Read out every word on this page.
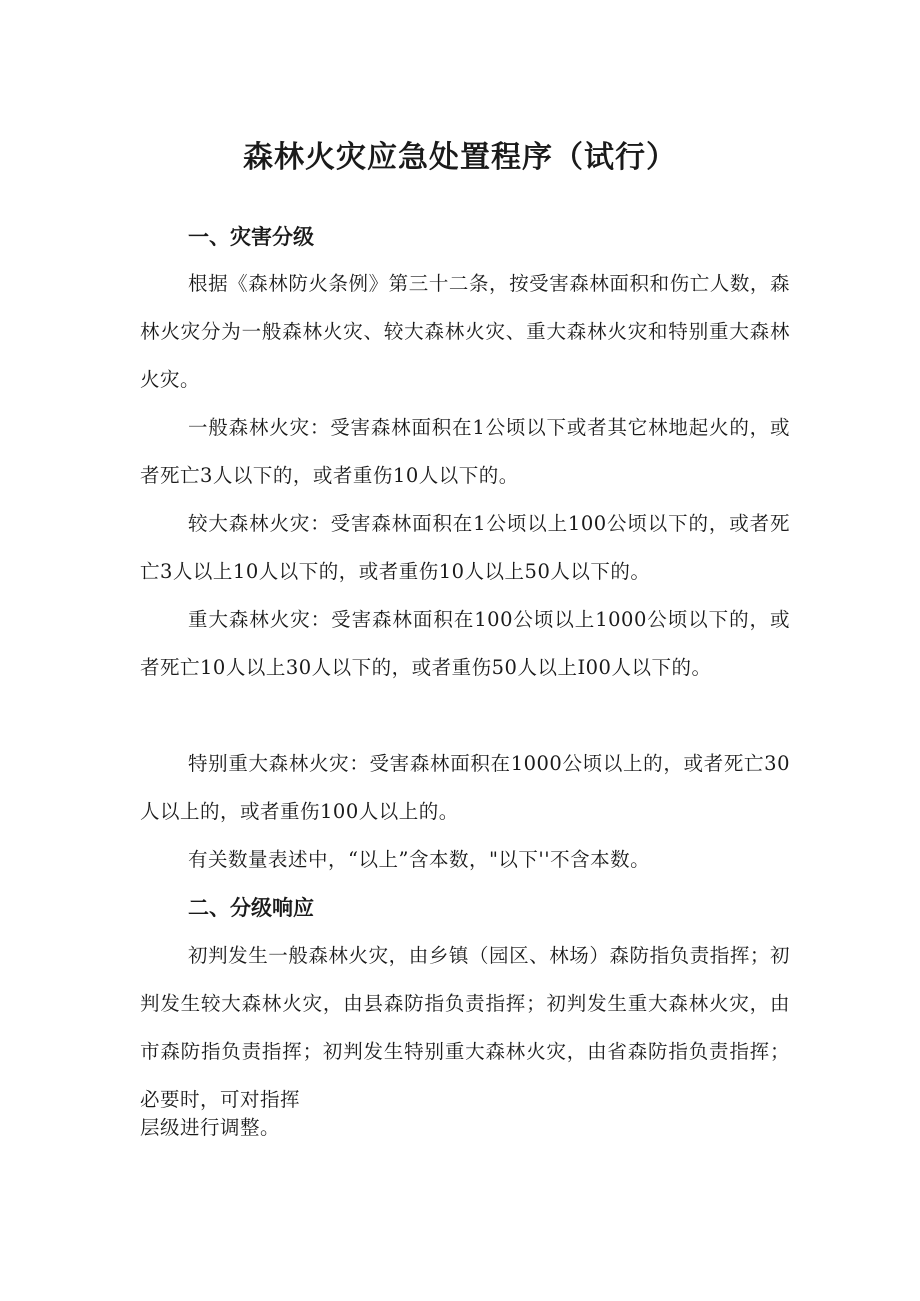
森林火灾应急处置程序（试行）
一、灾害分级

根据《森林防火条例》第三十二条，按受害森林面积和伤亡人数，森林火灾分为一般森林火灾、较大森林火灾、重大森林火灾和特别重大森林火灾。

一般森林火灾：受害森林面积在1公顷以下或者其它林地起火的，或者死亡3人以下的，或者重伤10人以下的。

较大森林火灾：受害森林面积在1公顷以上100公顷以下的，或者死亡3人以上10人以下的，或者重伤10人以上50人以下的。

重大森林火灾：受害森林面积在100公顷以上1000公顷以下的，或者死亡10人以上30人以下的，或者重伤50人以上I00人以下的。

特别重大森林火灾：受害森林面积在1000公顷以上的，或者死亡30人以上的，或者重伤100人以上的。

有关数量表述中，“以上”含本数，"以下''不含本数。

二、分级响应

初判发生一般森林火灾，由乡镇（园区、林场）森防指负责指挥；初判发生较大森林火灾，由县森防指负责指挥；初判发生重大森林火灾，由市森防指负责指挥；初判发生特别重大森林火灾，由省森防指负责指挥；必要时，可对指挥

层级进行调整。
